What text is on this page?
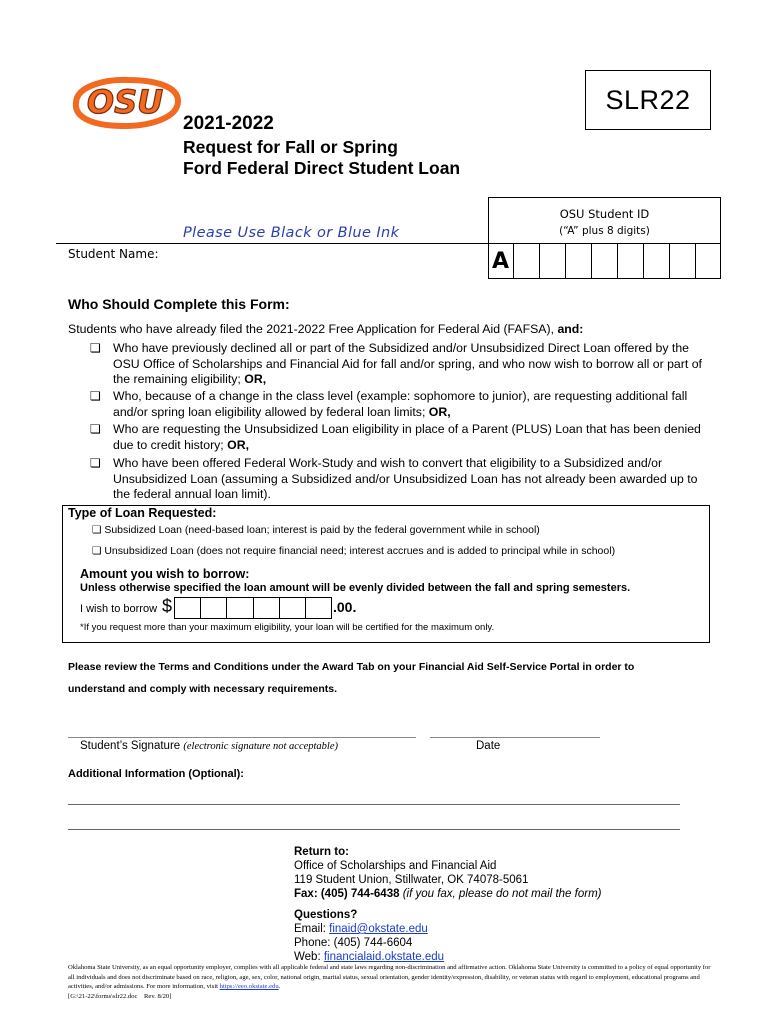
OSU	SLR22
2021-2022
Request for Fall or Spring
Ford Federal Direct Student Loan
Please Use Black or Blue Ink
Student Name:
OSU Student ID
(“A” plus 8 digits)
A
Who Should Complete this Form:
Students who have already filed the 2021-2022 Free Application for Federal Aid (FAFSA), and:
❏ Who have previously declined all or part of the Subsidized and/or Unsubsidized Direct Loan offered by the OSU Office of Scholarships and Financial Aid for fall and/or spring, and who now wish to borrow all or part of the remaining eligibility; OR,
❏ Who, because of a change in the class level (example: sophomore to junior), are requesting additional fall and/or spring loan eligibility allowed by federal loan limits; OR,
❏ Who are requesting the Unsubsidized Loan eligibility in place of a Parent (PLUS) Loan that has been denied due to credit history; OR,
❏ Who have been offered Federal Work-Study and wish to convert that eligibility to a Subsidized and/or Unsubsidized Loan (assuming a Subsidized and/or Unsubsidized Loan has not already been awarded up to the federal annual loan limit).
Type of Loan Requested:
❏ Subsidized Loan (need-based loan; interest is paid by the federal government while in school)
❏ Unsubsidized Loan (does not require financial need; interest accrues and is added to principal while in school)
Amount you wish to borrow:
Unless otherwise specified the loan amount will be evenly divided between the fall and spring semesters.
I wish to borrow $	.00.
*If you request more than your maximum eligibility, your loan will be certified for the maximum only.
Please review the Terms and Conditions under the Award Tab on your Financial Aid Self-Service Portal in order to
understand and comply with necessary requirements.
Student’s Signature (electronic signature not acceptable)	Date
Additional Information (Optional):
Return to:
Office of Scholarships and Financial Aid
119 Student Union, Stillwater, OK 74078-5061
Fax: (405) 744-6438 (if you fax, please do not mail the form)
Questions?
Email: finaid@okstate.edu
Phone: (405) 744-6604
Web: financialaid.okstate.edu
Oklahoma State University, as an equal opportunity employer, complies with all applicable federal and state laws regarding non-discrimination and affirmative action. Oklahoma State University is committed to a policy of equal opportunity for all individuals and does not discriminate based on race, religion, age, sex, color, national origin, marital status, sexual orientation, gender identity/expression, disability, or veteran status with regard to employment, educational programs and activities, and/or admissions. For more information, visit https://eeo.okstate.edu.
[G:\21-22\forms\slr22.doc Rev. 8/20]
